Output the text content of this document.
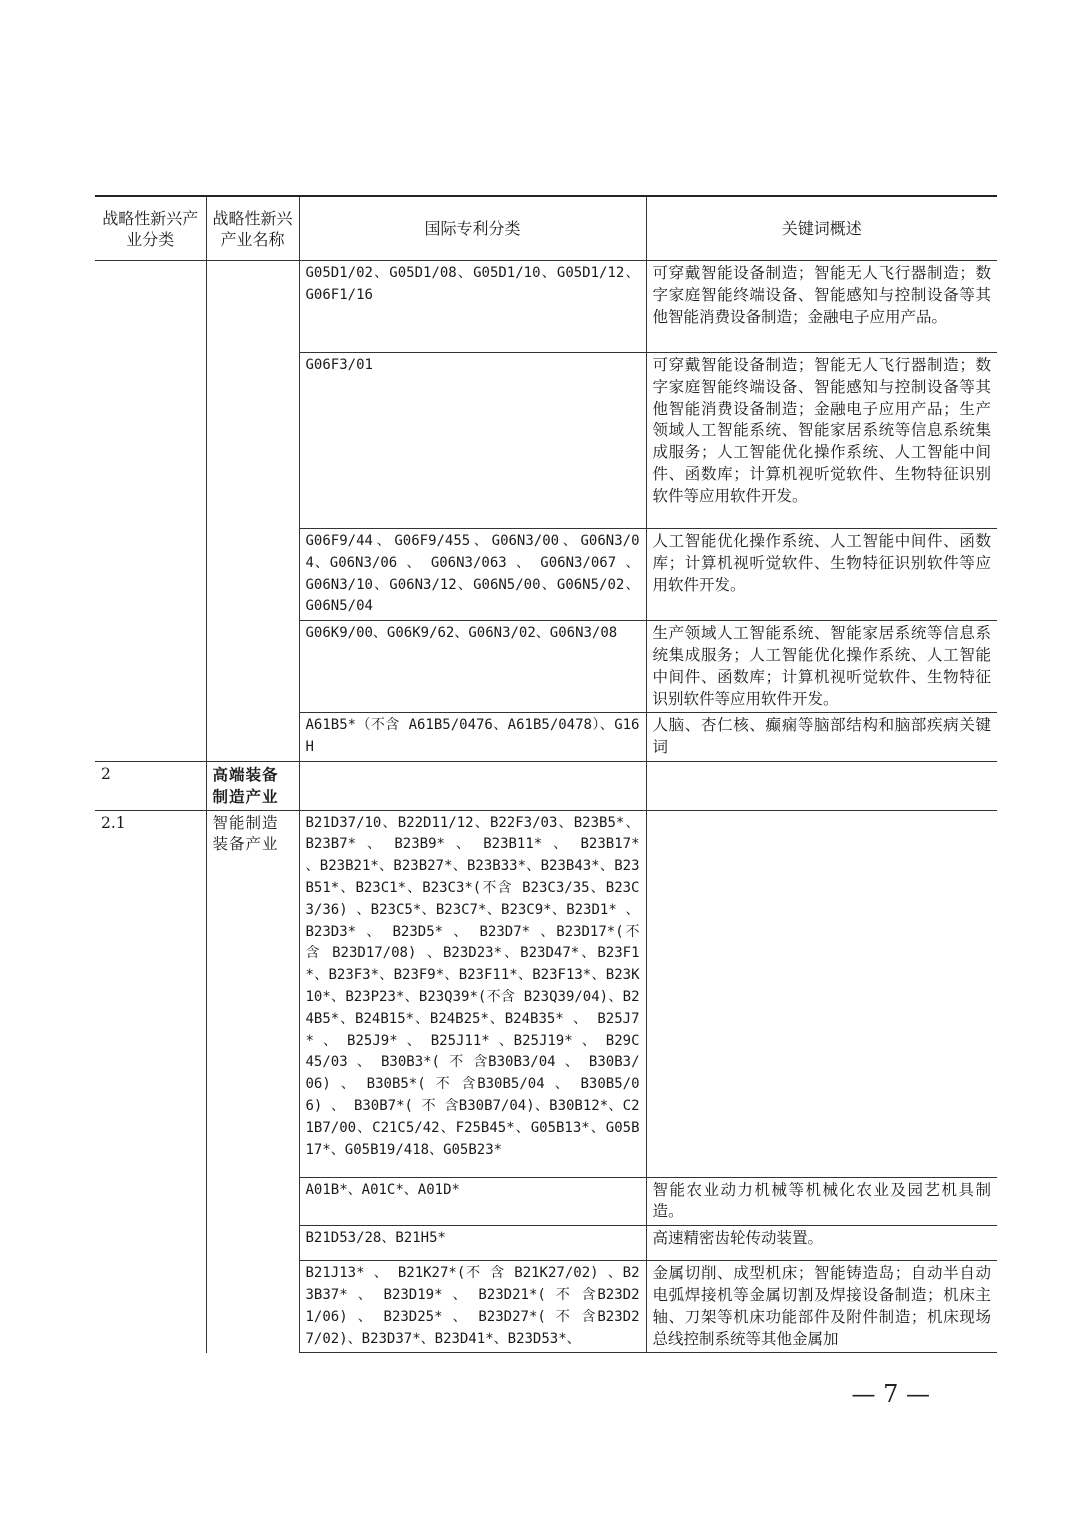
战略性新兴产业分类	战略性新兴产业名称	国际专利分类	关键词概述
		G05D1/02、G05D1/08、G05D1/10、G05D1/12、G06F1/16	可穿戴智能设备制造；智能无人飞行器制造；数字家庭智能终端设备、智能感知与控制设备等其他智能消费设备制造；金融电子应用产品。
		G06F3/01	可穿戴智能设备制造；智能无人飞行器制造；数字家庭智能终端设备、智能感知与控制设备等其他智能消费设备制造；金融电子应用产品；生产领域人工智能系统、智能家居系统等信息系统集成服务；人工智能优化操作系统、人工智能中间件、函数库；计算机视听觉软件、生物特征识别软件等应用软件开发。
		G06F9/44、G06F9/455、G06N3/00、G06N3/04、G06N3/06 、 G06N3/063 、 G06N3/067 、G06N3/10、G06N3/12、G06N5/00、G06N5/02、G06N5/04	人工智能优化操作系统、人工智能中间件、函数库；计算机视听觉软件、生物特征识别软件等应用软件开发。
		G06K9/00、G06K9/62、G06N3/02、G06N3/08	生产领域人工智能系统、智能家居系统等信息系统集成服务；人工智能优化操作系统、人工智能中间件、函数库；计算机视听觉软件、生物特征识别软件等应用软件开发。
		A61B5*（不含 A61B5/0476、A61B5/0478）、G16H	人脑、杏仁核、癫痫等脑部结构和脑部疾病关键词
2	高端装备制造产业		
2.1	智能制造装备产业	B21D37/10、B22D11/12、B22F3/03、B23B5*、B23B7* 、 B23B9* 、 B23B11* 、 B23B17* 、B23B21*、B23B27*、B23B33*、B23B43*、B23B51*、B23C1*、B23C3*(不含 B23C3/35、B23C3/36) 、B23C5*、B23C7*、B23C9*、B23D1* 、 B23D3* 、 B23D5* 、 B23D7* 、B23D17*(不 含 B23D17/08) 、B23D23*、B23D47*、B23F1*、B23F3*、B23F9*、B23F11*、B23F13*、B23K10*、B23P23*、B23Q39*(不含 B23Q39/04)、B24B5*、B24B15*、B24B25*、B24B35* 、 B25J7* 、 B25J9* 、 B25J11* 、B25J19* 、 B29C45/03 、 B30B3*( 不 含B30B3/04 、 B30B3/06) 、 B30B5*( 不 含B30B5/04 、 B30B5/06) 、 B30B7*( 不 含B30B7/04)、B30B12*、C21B7/00、C21C5/42、F25B45*、G05B13*、G05B17*、G05B19/418、G05B23*	
		A01B*、A01C*、A01D*	智能农业动力机械等机械化农业及园艺机具制造。
		B21D53/28、B21H5*	高速精密齿轮传动装置。
		B21J13* 、 B21K27*(不 含 B21K27/02) 、B23B37* 、 B23D19* 、 B23D21*( 不 含B23D21/06) 、 B23D25* 、 B23D27*( 不 含B23D27/02)、B23D37*、B23D41*、B23D53*、	金属切削、成型机床；智能铸造岛；自动半自动电弧焊接机等金属切割及焊接设备制造；机床主轴、刀架等机床功能部件及附件制造；机床现场总线控制系统等其他金属加
— 7 —
